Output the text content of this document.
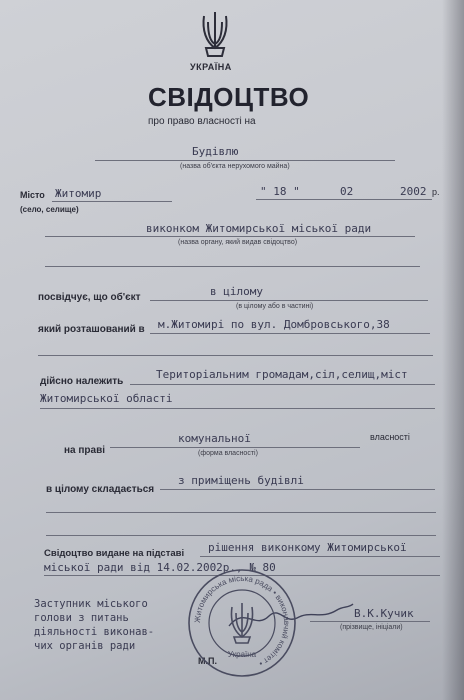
УКРАЇНА
СВІДОЦТВО
про право власності на
Будівлю
(назва об'єкта нерухомого майна)
Місто Житомир
(село, селище)
" 18 "	02	2002 р.
виконком Житомирської міської ради
(назва органу, який видав свідоцтво)
посвідчує, що об'єкт	в цілому
(в цілому або в частині)
який розташований в м.Житомирі по вул. Домбровського,38
дійсно належить
Територіальним громадам,сіл,селищ,міст
Житомирської області
на праві
комунальної
(форма власності)
власності
в цілому складається
з приміщень будівлі
Свідоцтво видане на підставі рішення виконкому Житомирської
міської ради від 14.02.2002р., № 80
Заступник міського
голови з питань
діяльності виконав-
чих органів ради
В.К.Кучик
(прізвище, ініціали)
М.П.
Житомирська міська рада • виконавчий комітет •
Україна
